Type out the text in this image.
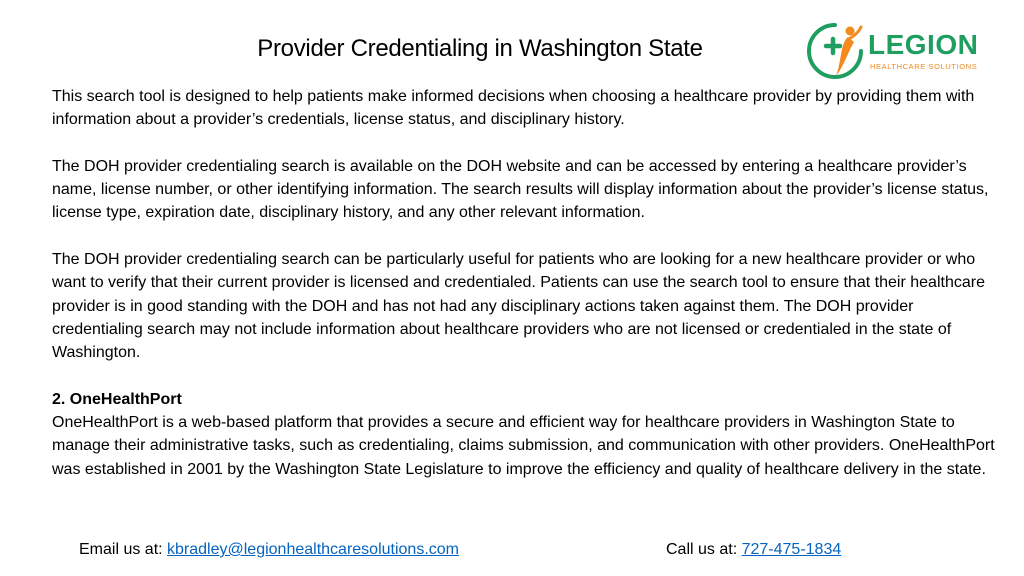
Provider Credentialing in Washington State	LEGION
HEALTHCARE SOLUTIONS

This search tool is designed to help patients make informed decisions when choosing a healthcare provider by providing them with information about a provider’s credentials, license status, and disciplinary history.

The DOH provider credentialing search is available on the DOH website and can be accessed by entering a healthcare provider’s name, license number, or other identifying information. The search results will display information about the provider’s license status, license type, expiration date, disciplinary history, and any other relevant information.

The DOH provider credentialing search can be particularly useful for patients who are looking for a new healthcare provider or who want to verify that their current provider is licensed and credentialed. Patients can use the search tool to ensure that their healthcare provider is in good standing with the DOH and has not had any disciplinary actions taken against them. The DOH provider credentialing search may not include information about healthcare providers who are not licensed or credentialed in the state of Washington.

2. OneHealthPort

OneHealthPort is a web-based platform that provides a secure and efficient way for healthcare providers in Washington State to manage their administrative tasks, such as credentialing, claims submission, and communication with other providers. OneHealthPort was established in 2001 by the Washington State Legislature to improve the efficiency and quality of healthcare delivery in the state.

Email us at: kbradley@legionhealthcaresolutions.com	Call us at: 727-475-1834
